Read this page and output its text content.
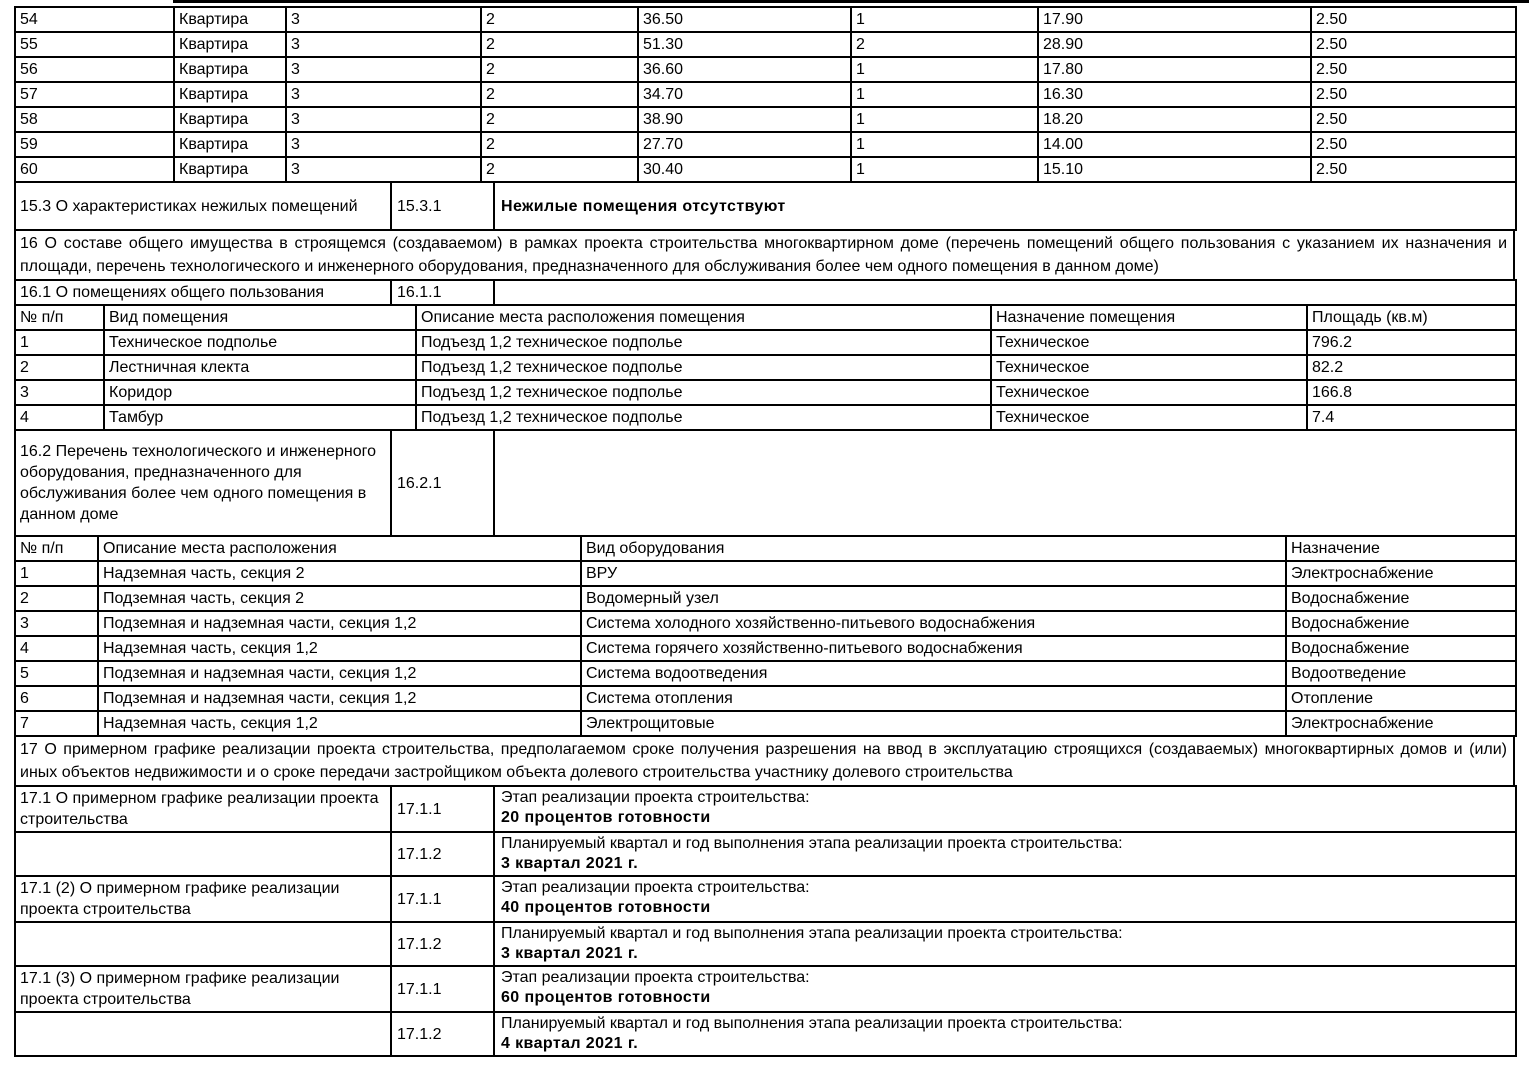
54	Квартира	3	2	36.50	1	17.90	2.50
55	Квартира	3	2	51.30	2	28.90	2.50
56	Квартира	3	2	36.60	1	17.80	2.50
57	Квартира	3	2	34.70	1	16.30	2.50
58	Квартира	3	2	38.90	1	18.20	2.50
59	Квартира	3	2	27.70	1	14.00	2.50
60	Квартира	3	2	30.40	1	15.10	2.50
15.3 О характеристиках нежилых помещений	15.3.1	Нежилые помещения отсутствуют
16 О составе общего имущества в строящемся (создаваемом) в рамках проекта строительства многоквартирном доме (перечень помещений общего пользования с указанием их назначения и площади, перечень технологического и инженерного оборудования, предназначенного для обслуживания более чем одного помещения в данном доме)
16.1 О помещениях общего пользования	16.1.1	
№ п/п	Вид помещения	Описание места расположения помещения	Назначение помещения	Площадь (кв.м)
1	Техническое подполье	Подъезд 1,2 техническое подполье	Техническое	796.2
2	Лестничная клекта	Подъезд 1,2 техническое подполье	Техническое	82.2
3	Коридор	Подъезд 1,2 техническое подполье	Техническое	166.8
4	Тамбур	Подъезд 1,2 техническое подполье	Техническое	7.4
16.2 Перечень технологического и инженерного оборудования, предназначенного для обслуживания более чем одного помещения в данном доме	16.2.1	
№ п/п	Описание места расположения	Вид оборудования	Назначение
1	Надземная часть, секция 2	ВРУ	Электроснабжение
2	Подземная часть, секция 2	Водомерный узел	Водоснабжение
3	Подземная и надземная части, секция 1,2	Система холодного хозяйственно-питьевого водоснабжения	Водоснабжение
4	Надземная часть, секция 1,2	Система горячего хозяйственно-питьевого водоснабжения	Водоснабжение
5	Подземная и надземная части, секция 1,2	Система водоотведения	Водоотведение
6	Подземная и надземная части, секция 1,2	Система отопления	Отопление
7	Надземная часть, секция 1,2	Электрощитовые	Электроснабжение
17 О примерном графике реализации проекта строительства, предполагаемом сроке получения разрешения на ввод в эксплуатацию строящихся (создаваемых) многоквартирных домов и (или) иных объектов недвижимости и о сроке передачи застройщиком объекта долевого строительства участнику долевого строительства
17.1 О примерном графике реализации проекта строительства	17.1.1	Этап реализации проекта строительства:
20 процентов готовности

	17.1.2	Планируемый квартал и год выполнения этапа реализации проекта строительства:
3 квартал 2021 г.

17.1 (2) О примерном графике реализации проекта строительства	17.1.1	Этап реализации проекта строительства:
40 процентов готовности

	17.1.2	Планируемый квартал и год выполнения этапа реализации проекта строительства:
3 квартал 2021 г.

17.1 (3) О примерном графике реализации проекта строительства	17.1.1	Этап реализации проекта строительства:
60 процентов готовности

	17.1.2	Планируемый квартал и год выполнения этапа реализации проекта строительства:
4 квартал 2021 г.
